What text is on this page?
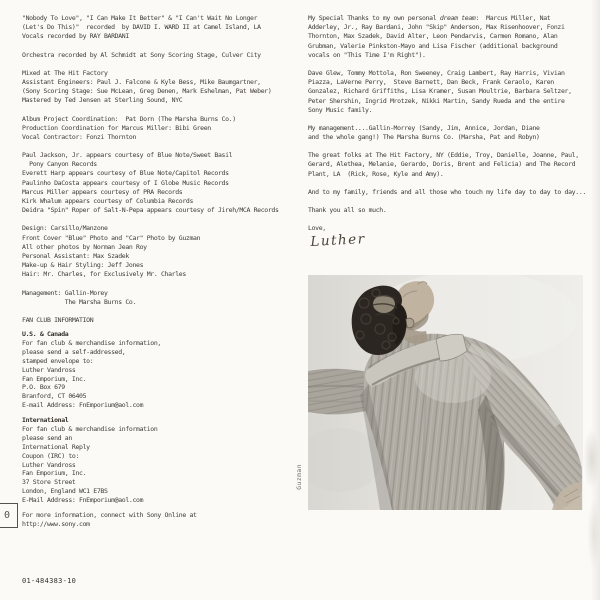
"Nobody To Love", "I Can Make It Better" & "I Can't Wait No Longer
(Let's Do This)"  recorded  by DAVID I. WARD II at Camel Island, LA
Vocals recorded by RAY BARDANI
Orchestra recorded by Al Schmidt at Sony Scoring Stage, Culver City
Mixed at The Hit Factory
Assistant Engineers: Paul J. Falcone & Kyle Bess, Mike Baumgartner,
(Sony Scoring Stage: Sue McLean, Greg Denen, Mark Eshelman, Pat Weber)
Mastered by Ted Jensen at Sterling Sound, NYC
Album Project Coordination:  Pat Dorn (The Marsha Burns Co.)
Production Coordination for Marcus Miller: Bibi Green
Vocal Contractor: Fonzi Thornton
Paul Jackson, Jr. appears courtesy of Blue Note/Sweet Basil
Pony Canyon Records
Everett Harp appears courtesy of Blue Note/Capitol Records
Paulinho DaCosta appears courtesy of I Globe Music Records
Marcus Miller appears courtesy of PRA Records
Kirk Whalum appears courtesy of Columbia Records
Deidra "Spin" Roper of Salt-N-Pepa appears courtesy of Jireh/MCA Records
Design: Carsillo/Manzone
Front Cover "Blue" Photo and "Car" Photo by Guzman
All other photos by Norman Jean Roy
Personal Assistant: Max Szadek
Make-up & Hair Styling: Jeff Jones
Hair: Mr. Charles, for Exclusively Mr. Charles
Management: Gallin-Morey
The Marsha Burns Co.
FAN CLUB INFORMATION
U.S. & Canada
For fan club & merchandise information,
please send a self-addressed,
stamped envelope to:
Luther Vandross
Fan Emporium, Inc.
P.O. Box 679
Branford, CT 06405
E-mail Address: FnEmporium@aol.com
International
For fan club & merchandise information
please send an
International Reply
Coupon (IRC) to:
Luther Vandross
Fan Emporium, Inc.
37 Store Street
London, England WC1 E7BS
E-Mail Address: FnEmporium@aol.com
For more information, connect with Sony Online at
http://www.sony.com
My Special Thanks to my own personal dream team:  Marcus Miller, Nat
Adderley, Jr., Ray Bardani, John "Skip" Anderson, Max Risenhoover, Fonzi
Thornton, Max Szadek, David Alter, Leon Pendarvis, Carmen Romano, Alan
Grubman, Valerie Pinkston-Mayo and Lisa Fischer (additional background
vocals on "This Time I'm Right").
Dave Glew, Tommy Mottola, Ron Sweeney, Craig Lambert, Ray Harris, Vivian
Piazza, LaVerne Perry,  Steve Barnett, Dan Beck, Frank Ceraolo, Karen
Gonzalez, Richard Griffiths, Lisa Kramer, Susan Moultrie, Barbara Seltzer,
Peter Shershin, Ingrid Mrotzek, Nikki Martin, Sandy Rueda and the entire
Sony Music family.
My management....Gallin-Morrey (Sandy, Jim, Annice, Jordan, Diane
and the whole gang!) The Marsha Burns Co. (Marsha, Pat and Robyn)
The great folks at The Hit Factory, NY (Eddie, Troy, Danielle, Joanne, Paul,
Gerard, Alethea, Melanie, Gerardo, Doris, Brent and Felicia) and The Record
Plant, LA  (Rick, Rose, Kyle and Amy).
And to my family, friends and all those who touch my life day to day to day...
Thank you all so much.
Love,
Luther
Guzman
0
01-484383-10
